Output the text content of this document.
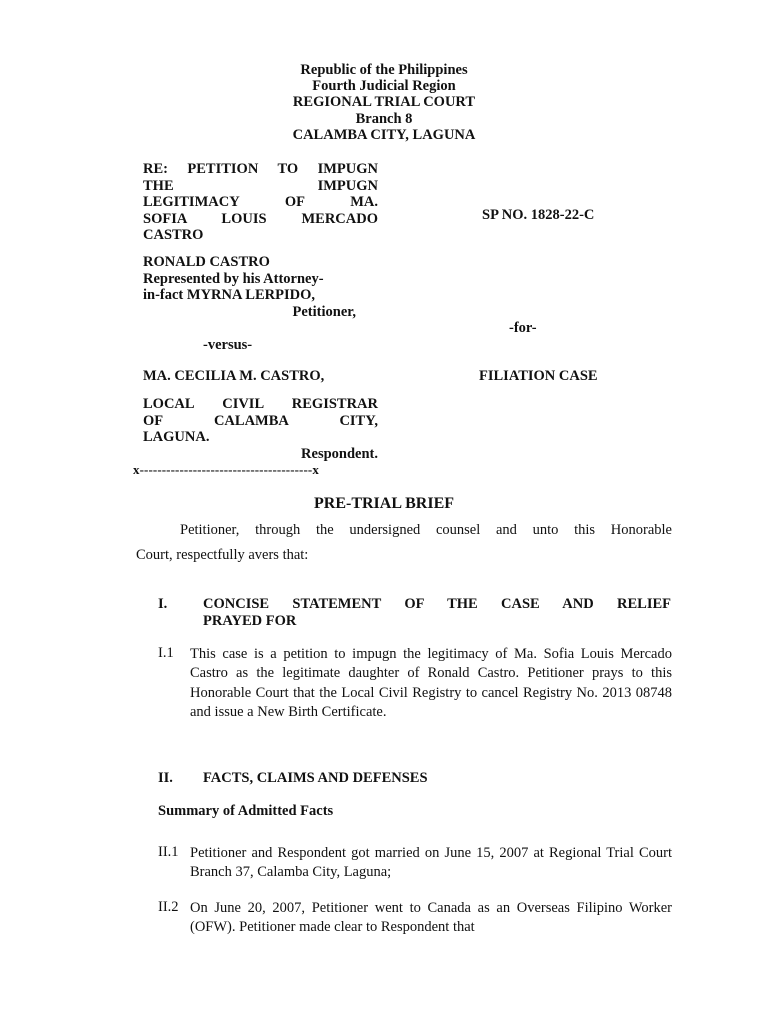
Republic of the Philippines
Fourth Judicial Region
REGIONAL TRIAL COURT
Branch 8
CALAMBA CITY, LAGUNA
RE: PETITION TO IMPUGN
THE IMPUGN
LEGITIMACY OF MA.
SOFIA LOUIS MERCADO
CASTRO
RONALD CASTRO
Represented by his Attorney-
in-fact MYRNA LERPIDO,
Petitioner,
-versus-
MA. CECILIA M. CASTRO,
LOCAL CIVIL REGISTRAR
OF CALAMBA CITY,
LAGUNA.
Respondent.
x---------------------------------------x
SP NO. 1828-22-C
-for-
FILIATION CASE
PRE-TRIAL BRIEF
Petitioner, through the undersigned counsel and unto this Honorable
Court, respectfully avers that:
I. CONCISE STATEMENT OF THE CASE AND RELIEF
PRAYED FOR
I.1 This case is a petition to impugn the legitimacy of Ma. Sofia Louis Mercado Castro as the legitimate daughter of Ronald Castro. Petitioner prays to this Honorable Court that the Local Civil Registry to cancel Registry No. 2013 08748 and issue a New Birth Certificate.
II. FACTS, CLAIMS AND DEFENSES
Summary of Admitted Facts
II.1 Petitioner and Respondent got married on June 15, 2007 at Regional Trial Court Branch 37, Calamba City, Laguna;
II.2 On June 20, 2007, Petitioner went to Canada as an Overseas Filipino Worker (OFW). Petitioner made clear to Respondent that
